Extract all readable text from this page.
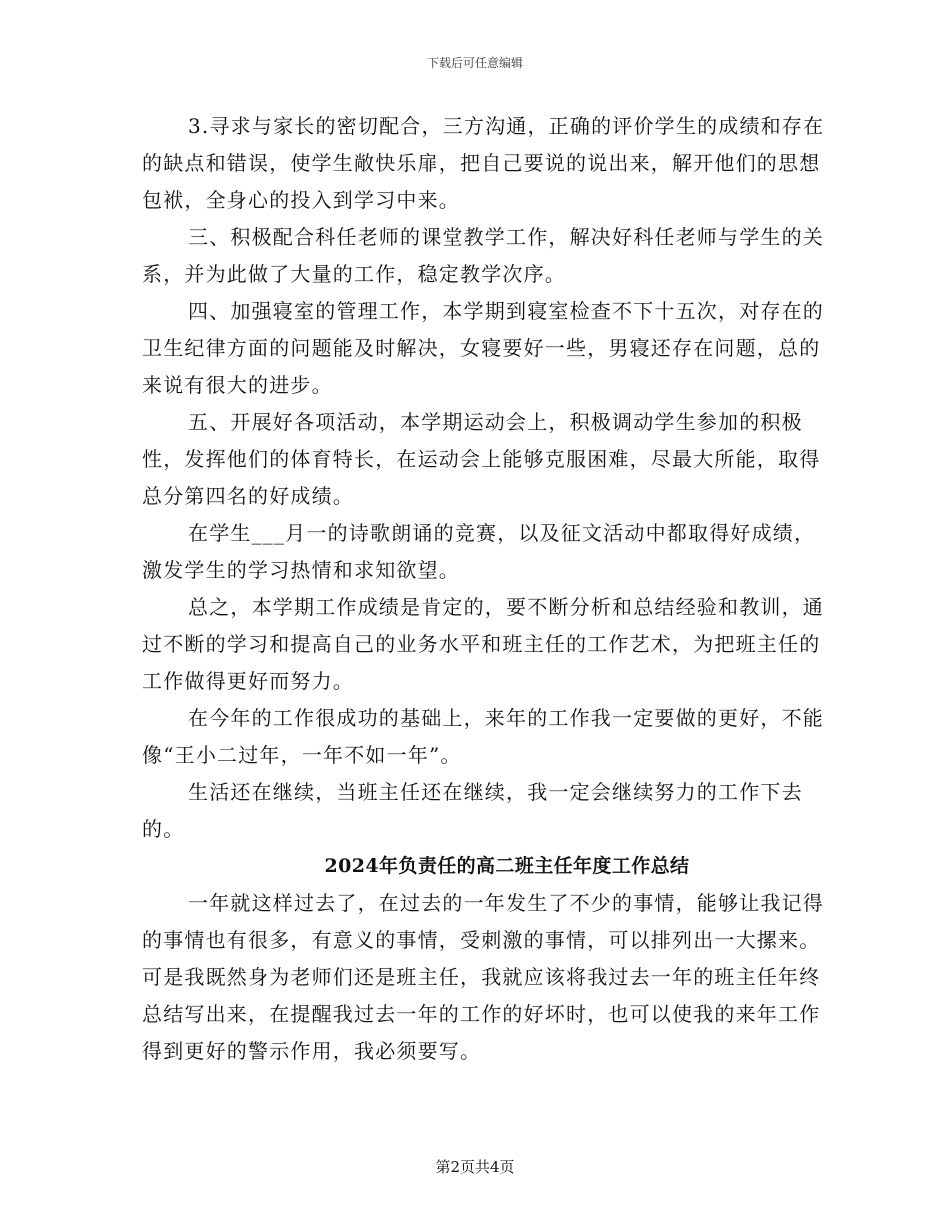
下载后可任意编辑

3.寻求与家长的密切配合，三方沟通，正确的评价学生的成绩和存在的缺点和错误，使学生敞快乐扉，把自己要说的说出来，解开他们的思想包袱，全身心的投入到学习中来。

三、积极配合科任老师的课堂教学工作，解决好科任老师与学生的关系，并为此做了大量的工作，稳定教学次序。

四、加强寝室的管理工作，本学期到寝室检查不下十五次，对存在的卫生纪律方面的问题能及时解决，女寝要好一些，男寝还存在问题，总的来说有很大的进步。

五、开展好各项活动，本学期运动会上，积极调动学生参加的积极性，发挥他们的体育特长，在运动会上能够克服困难，尽最大所能，取得总分第四名的好成绩。

在学生___月一的诗歌朗诵的竞赛，以及征文活动中都取得好成绩，激发学生的学习热情和求知欲望。

总之，本学期工作成绩是肯定的，要不断分析和总结经验和教训，通过不断的学习和提高自己的业务水平和班主任的工作艺术，为把班主任的工作做得更好而努力。

在今年的工作很成功的基础上，来年的工作我一定要做的更好，不能像“王小二过年，一年不如一年”。

生活还在继续，当班主任还在继续，我一定会继续努力的工作下去的。

2024年负责任的高二班主任年度工作总结

一年就这样过去了，在过去的一年发生了不少的事情，能够让我记得的事情也有很多，有意义的事情，受刺激的事情，可以排列出一大摞来。可是我既然身为老师们还是班主任，我就应该将我过去一年的班主任年终总结写出来，在提醒我过去一年的工作的好坏时，也可以使我的来年工作得到更好的警示作用，我必须要写。

第2页共4页
